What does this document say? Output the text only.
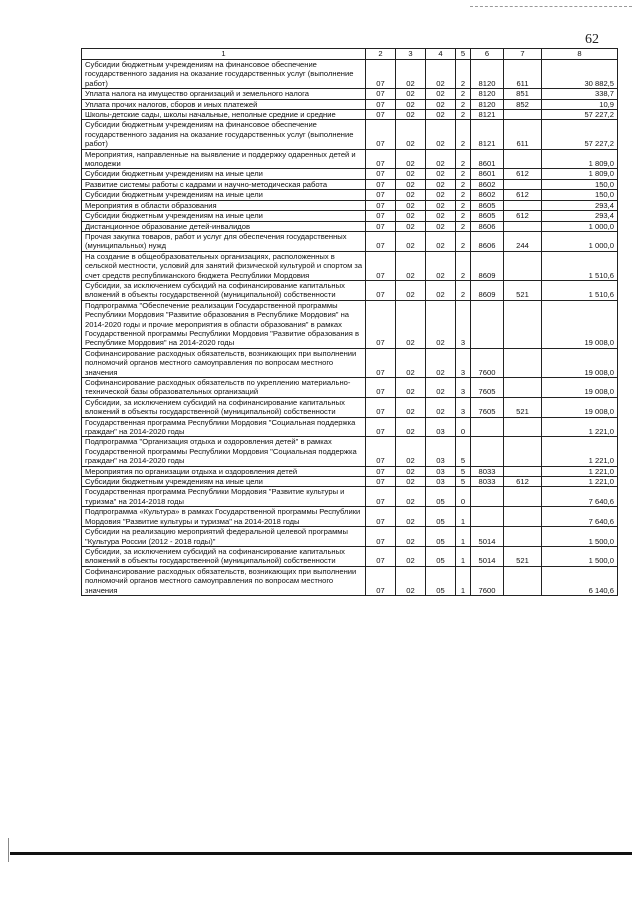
62
1	2	3	4	5	6	7	8
Субсидии бюджетным учреждениям на финансовое обеспечение государственного задания на оказание государственных услуг (выполнение работ)	07	02	02	2	8120	611	30 882,5
Уплата налога на имущество организаций и земельного налога	07	02	02	2	8120	851	338,7
Уплата прочих налогов, сборов и иных платежей	07	02	02	2	8120	852	10,9
Школы-детские сады, школы начальные, неполные средние и средние	07	02	02	2	8121		57 227,2
Субсидии бюджетным учреждениям на финансовое обеспечение государственного задания на оказание государственных услуг (выполнение работ)	07	02	02	2	8121	611	57 227,2
Мероприятия, направленные на выявление и поддержку одаренных детей и молодежи	07	02	02	2	8601		1 809,0
Субсидии бюджетным учреждениям на иные цели	07	02	02	2	8601	612	1 809,0
Развитие системы работы с кадрами и научно-методическая работа	07	02	02	2	8602		150,0
Субсидии бюджетным учреждениям на иные цели	07	02	02	2	8602	612	150,0
Мероприятия в области образования	07	02	02	2	8605		293,4
Субсидии бюджетным учреждениям на иные цели	07	02	02	2	8605	612	293,4
Дистанционное образование детей-инвалидов	07	02	02	2	8606		1 000,0
Прочая закупка товаров, работ и услуг для обеспечения государственных (муниципальных) нужд	07	02	02	2	8606	244	1 000,0
На создание в общеобразовательных организациях, расположенных в сельской местности, условий для занятий физической культурой и спортом за счет средств республиканского бюджета Республики Мордовия	07	02	02	2	8609		1 510,6
Субсидии, за исключением субсидий на софинансирование капитальных вложений в объекты государственной (муниципальной) собственности	07	02	02	2	8609	521	1 510,6
Подпрограмма "Обеспечение реализации Государственной программы Республики Мордовия "Развитие образования в Республике Мордовия" на 2014-2020 годы и прочие мероприятия в области образования" в рамках Государственной программы Республики Мордовия "Развитие образования в Республике Мордовия" на 2014-2020 годы	07	02	02	3			19 008,0
Софинансирование расходных обязательств, возникающих при выполнении полномочий органов местного самоуправления по вопросам местного значения	07	02	02	3	7600		19 008,0
Софинансирование расходных обязательств по укреплению материально-технической базы образовательных организаций	07	02	02	3	7605		19 008,0
Субсидии, за исключением субсидий на софинансирование капитальных вложений в объекты государственной (муниципальной) собственности	07	02	02	3	7605	521	19 008,0
Государственная программа Республики Мордовия "Социальная поддержка граждан" на 2014-2020 годы	07	02	03	0			1 221,0
Подпрограмма "Организация отдыха и оздоровления детей" в рамках Государственной программы Республики Мордовия "Социальная поддержка граждан" на 2014-2020 годы	07	02	03	5			1 221,0
Мероприятия по организации отдыха и оздоровления детей	07	02	03	5	8033		1 221,0
Субсидии бюджетным учреждениям на иные цели	07	02	03	5	8033	612	1 221,0
Государственная программа Республики Мордовия "Развитие культуры и туризма" на 2014-2018 годы	07	02	05	0			7 640,6
Подпрограмма «Культура» в рамках Государственной программы Республики Мордовия "Развитие культуры и туризма" на 2014-2018 годы	07	02	05	1			7 640,6
Субсидии на реализацию мероприятий федеральной целевой программы "Культура России (2012 - 2018 годы)"	07	02	05	1	5014		1 500,0
Субсидии, за исключением субсидий на софинансирование капитальных вложений в объекты государственной (муниципальной) собственности	07	02	05	1	5014	521	1 500,0
Софинансирование расходных обязательств, возникающих при выполнении полномочий органов местного самоуправления по вопросам местного значения	07	02	05	1	7600		6 140,6
